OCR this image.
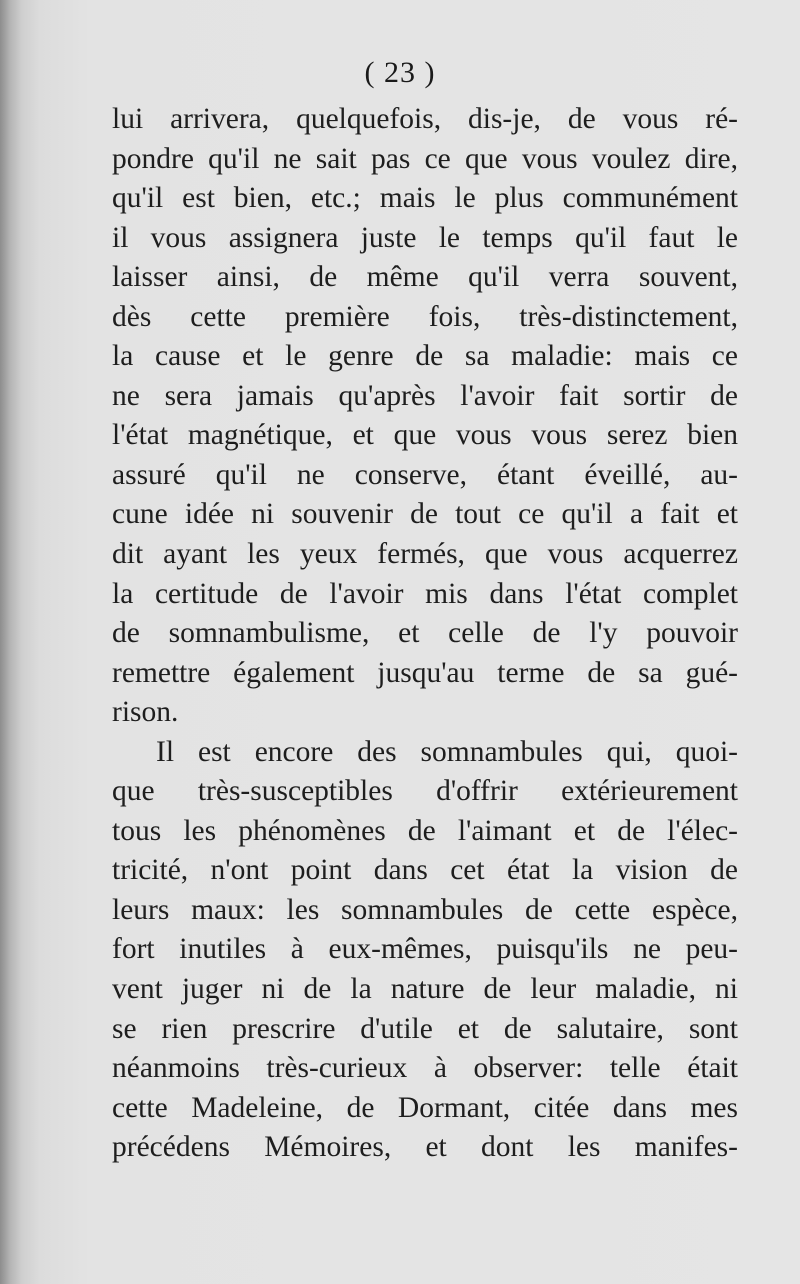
( 23 )
lui arrivera, quelquefois, dis-je, de vous ré-
pondre qu'il ne sait pas ce que vous voulez dire,
qu'il est bien, etc.; mais le plus communément
il vous assignera juste le temps qu'il faut le
laisser ainsi, de même qu'il verra souvent,
dès cette première fois, très-distinctement,
la cause et le genre de sa maladie: mais ce
ne sera jamais qu'après l'avoir fait sortir de
l'état magnétique, et que vous vous serez bien
assuré qu'il ne conserve, étant éveillé, au-
cune idée ni souvenir de tout ce qu'il a fait et
dit ayant les yeux fermés, que vous acquerrez
la certitude de l'avoir mis dans l'état complet
de somnambulisme, et celle de l'y pouvoir
remettre également jusqu'au terme de sa gué-
rison.
Il est encore des somnambules qui, quoi-
que très-susceptibles d'offrir extérieurement
tous les phénomènes de l'aimant et de l'élec-
tricité, n'ont point dans cet état la vision de
leurs maux: les somnambules de cette espèce,
fort inutiles à eux-mêmes, puisqu'ils ne peu-
vent juger ni de la nature de leur maladie, ni
se rien prescrire d'utile et de salutaire, sont
néanmoins très-curieux à observer: telle était
cette Madeleine, de Dormant, citée dans mes
précédens Mémoires, et dont les manifes-
